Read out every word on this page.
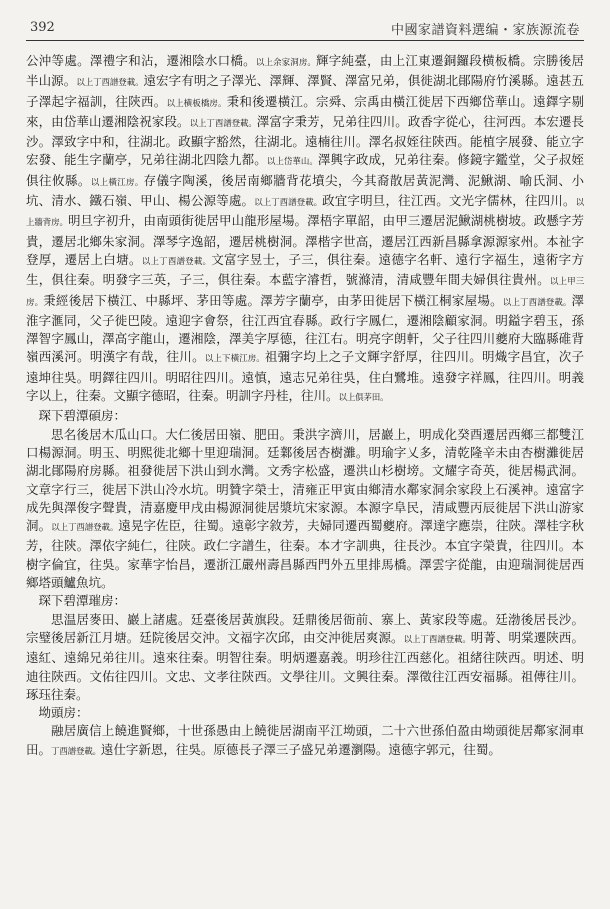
392	中國家譜資料選编・家族源流卷

公沖等處。澤禮字和沾，遷湘陰水口橋。以上余家洞房。輝字純臺，由上江東遷銅鑼段横板橋。宗勝後居半山源。以上丁酉譜登載。遠宏字有明之子澤光、澤輝、澤賢、澤富兄弟，俱徙湖北鄖陽府竹溪縣。遠甚五子澤起字福訓，往陝西。以上横板橋房。秉和後遷橫江。宗舜、宗禹由橫江徙居下西鄉岱華山。遠鐸字剔來，由岱華山遷湘陰祝家段。以上丁酉譜登載。澤富字秉芳，兄弟往四川。政香字從心，往河西。本宏遷長沙。澤致字中和，往湖北。政顯字豁然，往湖北。遠楠往川。澤名叔姪往陝西。能植字展發、能立字宏發、能生字蘭亭，兄弟往湖北四陰九都。以上岱華山。澤興字政成，兄弟往秦。修鏡字鑑堂，父子叔姪俱往攸縣。以上橫江房。存儀字陶溪，後居南鄉牆背花墳尖，今其裔散居黃泥灣、泥鰍湖、喻氏洞、小坑、清水、鐵石嶺、甲山、楊公源等處。以上丁酉譜登載。政宜字明旦，往江西。文光字儒林，往四川。以上牆背房。明旦字初升，由南頭街徙居甲山龍形屋場。澤梧字單韶，由甲三遷居泥鰍湖桃樹坡。政懸字芳貴，遷居北鄉朱家洞。澤琴字逸韶，遷居桃樹洞。澤楷字世高，遷居江西新昌縣拿源源家州。本祉字登厚，遷居上白塘。以上丁酉譜登載。文富字昱士，子三，俱往秦。遠德字名軒、遠行字福生，遠術字方生，俱往秦。明發字三英，子三，俱往秦。本藍字濬哲，號滌清，清咸豐年間夫婦俱往貴州。以上甲三房。秉經後居下橫江、中縣坪、茅田等處。澤芳字蘭亭，由茅田徙居下橫江桐家屋場。以上丁酉譜登載。澤淮字滙同，父子徙巴陵。遠迎字會祭，往江西宜春縣。政行字鳳仁，遷湘陰顧家洞。明鎰字碧玉，孫澤智字鳳山，澤高字龍山，遷湘陰，澤美字厚德，往江右。明亮字朗軒，父子往四川夔府大臨縣碓背嶺西溪河。明漢字有哉，往川。以上下橫江房。祖彌字均上之子文輝字舒厚，往四川。明熾字昌宜，次子遠坤往吳。明鐸往四川。明昭往四川。遠慎，遠志兄弟往吳，住白鷺堆。遠發字祥鳳，往四川。明義字以上，往秦。文顯字德昭，往秦。明訓字丹桂，往川。以上俱茅田。

琛下碧潭碩房：

思名後居木瓜山口。大仁後居田嶺、肥田。秉洪字濟川，居巖上，明成化癸酉遷居西鄉三都雙江口楊源洞。明玉、明熙徙北鄉十里迎瑞洞。廷鄴後居杏樹灘。明瑜字乂多，清乾隆辛未由杏樹灘徙居湖北鄖陽府房縣。祖發徙居下洪山到水灣。文秀字松盛，遷洪山杉樹塝。文耀字奇英，徙居楊武洞。文章字行三，徙居下洪山冷水坑。明贊字榮士，清雍正甲寅由鄉清水鄰家洞余家段上石溪神。遠富字成先與澤俊字聲貴，清嘉慶甲戌由楊源洞徙居漿坑宋家源。本源字阜民，清咸豐丙辰徙居下洪山游家洞。以上丁酉譜登載。遠晃字佐臣，往蜀。遠彰字敘芳，夫婦同遷西蜀夔府。澤達字應崇，往陝。澤桂字秋芳，往陝。澤依字純仁，往陝。政仁字譜生，往秦。本才字訓典，往長沙。本宜字榮貴，往四川。本樹字倫宜，往吳。家華字怡昌，遷浙江嚴州壽昌縣西門外五里排馬橋。澤雲字從龍，由迎瑞洞徙居西鄉塔頭鱸魚坑。

琛下碧潭璀房：

思温居麥田、巖上諸處。廷臺後居黃旗段。廷鼎後居衙前、寨上、黃家段等處。廷渤後居長沙。宗璧後居新江月塘。廷院後居交沖。文福字次邱，由交沖徙居爽源。以上丁酉譜登載。明菁、明棠遷陝西。遠紅、遠綿兄弟往川。遠來往秦。明智往秦。明炳遷嘉義。明珍往江西慈化。祖緒往陝西。明述、明迪往陝西。文佑往四川。文忠、文孝往陝西。文學往川。文興往秦。澤徵往江西安福縣。祖傳往川。琢珏往秦。

坳頭房：

融居廣信上饒進賢鄉，十世孫愚由上饒徙居湖南平江坳頭，二十六世孫伯盈由坳頭徙居鄰家洞車田。丁酉譜登載。遠仕字新恩，往吳。原德長子澤三子盛兄弟遷瀏陽。遠德字郭元，往蜀。
